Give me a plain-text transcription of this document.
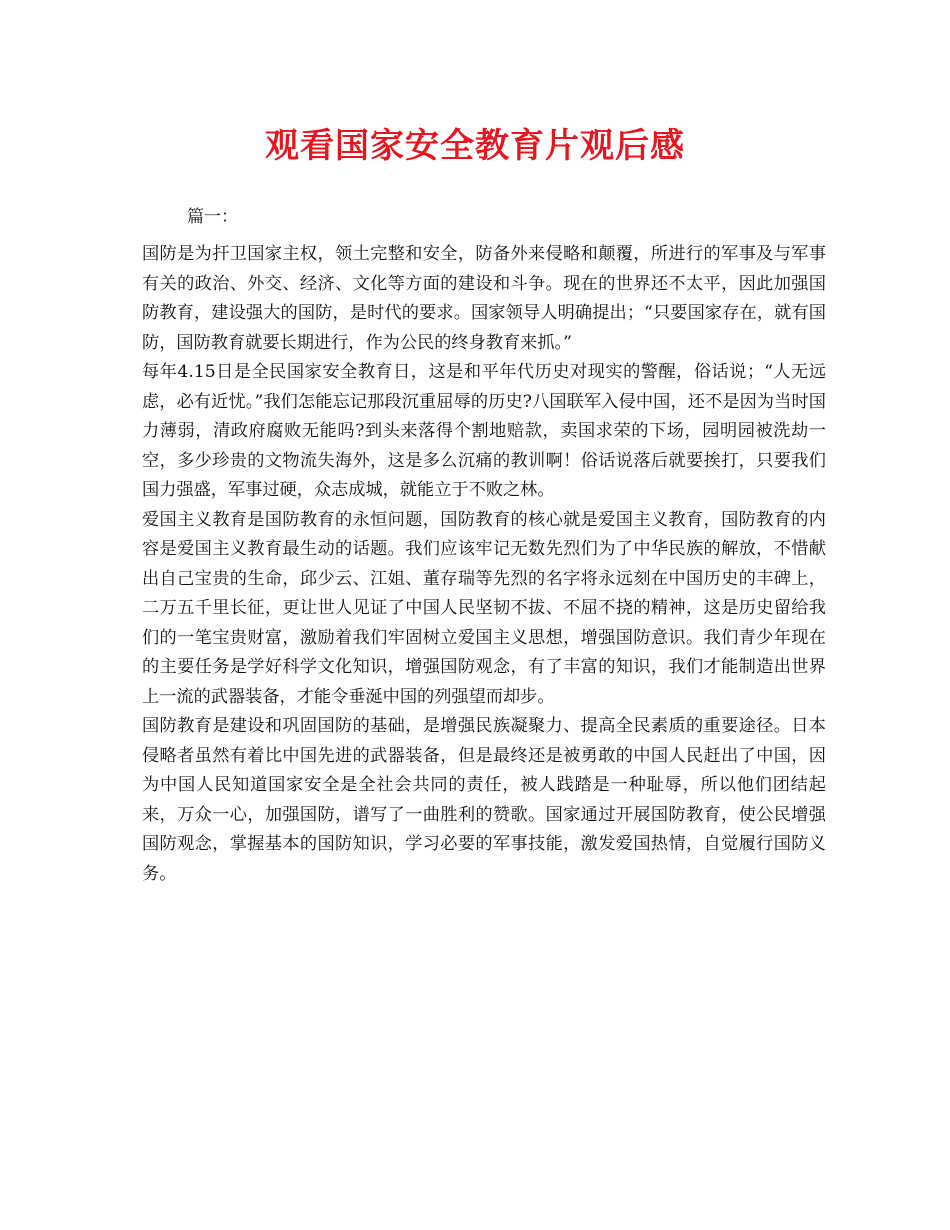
观看国家安全教育片观后感

篇一：

国防是为扞卫国家主权，领土完整和安全，防备外来侵略和颠覆，所进行的军事及与军事有关的政治、外交、经济、文化等方面的建设和斗争。现在的世界还不太平，因此加强国防教育，建设强大的国防，是时代的要求。国家领导人明确提出；“只要国家存在，就有国防，国防教育就要长期进行，作为公民的终身教育来抓。”

每年4.15日是全民国家安全教育日，这是和平年代历史对现实的警醒，俗话说；“人无远虑，必有近忧。”我们怎能忘记那段沉重屈辱的历史?八国联军入侵中国，还不是因为当时国力薄弱，清政府腐败无能吗?到头来落得个割地赔款，卖国求荣的下场，园明园被洗劫一空，多少珍贵的文物流失海外，这是多么沉痛的教训啊！俗话说落后就要挨打，只要我们国力强盛，军事过硬，众志成城，就能立于不败之林。

爱国主义教育是国防教育的永恒问题，国防教育的核心就是爱国主义教育，国防教育的内容是爱国主义教育最生动的话题。我们应该牢记无数先烈们为了中华民族的解放，不惜献出自己宝贵的生命，邱少云、江姐、董存瑞等先烈的名字将永远刻在中国历史的丰碑上，二万五千里长征，更让世人见证了中国人民坚韧不拔、不屈不挠的精神，这是历史留给我们的一笔宝贵财富，激励着我们牢固树立爱国主义思想，增强国防意识。我们青少年现在的主要任务是学好科学文化知识，增强国防观念，有了丰富的知识，我们才能制造出世界上一流的武器装备，才能令垂涎中国的列强望而却步。

国防教育是建设和巩固国防的基础，是增强民族凝聚力、提高全民素质的重要途径。日本侵略者虽然有着比中国先进的武器装备，但是最终还是被勇敢的中国人民赶出了中国，因为中国人民知道国家安全是全社会共同的责任，被人践踏是一种耻辱，所以他们团结起来，万众一心，加强国防，谱写了一曲胜利的赞歌。国家通过开展国防教育，使公民增强国防观念，掌握基本的国防知识，学习必要的军事技能，激发爱国热情，自觉履行国防义务。
